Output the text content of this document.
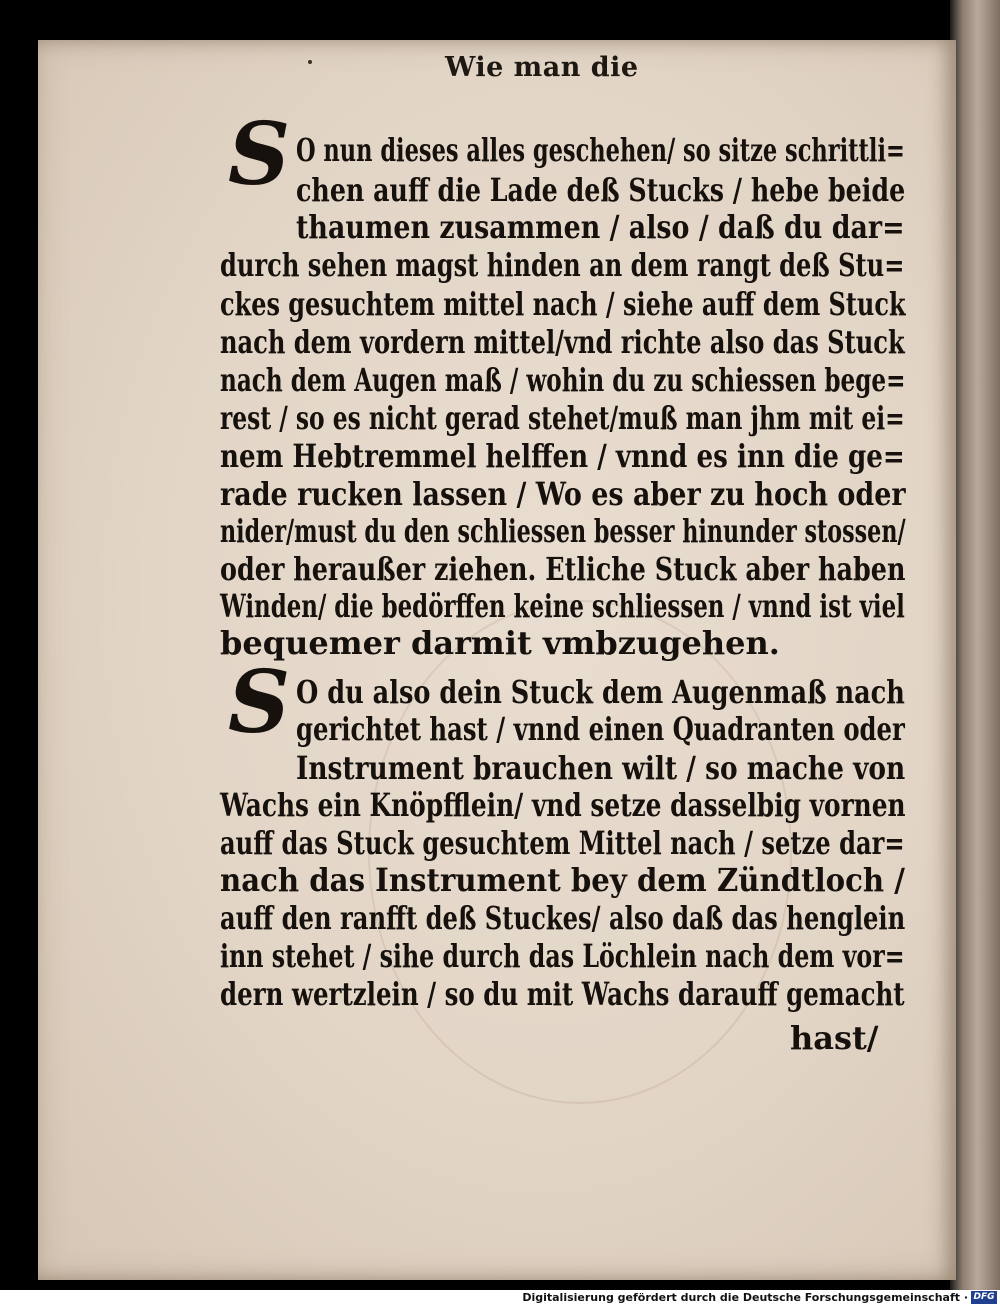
Wie man die
S O nun dieses alles geschehen/ so sitze schrittli=
chen auff die Lade deß Stucks / hebe beide
thaumen zusammen / also / daß du dar=
durch sehen magst hinden an dem rangt deß Stu=
ckes gesuchtem mittel nach / siehe auff dem Stuck
nach dem vordern mittel/vnd richte also das Stuck
nach dem Augen maß / wohin du zu schiessen bege=
rest / so es nicht gerad stehet/muß man jhm mit ei=
nem Hebtremmel helffen / vnnd es inn die ge=
rade rucken lassen / Wo es aber zu hoch oder
nider/must du den schliessen besser hinunder stossen/
oder heraußer ziehen. Etliche Stuck aber haben
Winden/ die bedörffen keine schliessen / vnnd ist viel
bequemer darmit vmbzugehen.
S O du also dein Stuck dem Augenmaß nach
gerichtet hast / vnnd einen Quadranten oder
Instrument brauchen wilt / so mache von
Wachs ein Knöpfflein/ vnd setze dasselbig vornen
auff das Stuck gesuchtem Mittel nach / setze dar=
nach das Instrument bey dem Zündtloch /
auff den ranfft deß Stuckes/ also daß das henglein
inn stehet / sihe durch das Löchlein nach dem vor=
dern wertzlein / so du mit Wachs darauff gemacht
hast/
Digitalisierung gefördert durch die Deutsche Forschungsgemeinschaft · DFG
